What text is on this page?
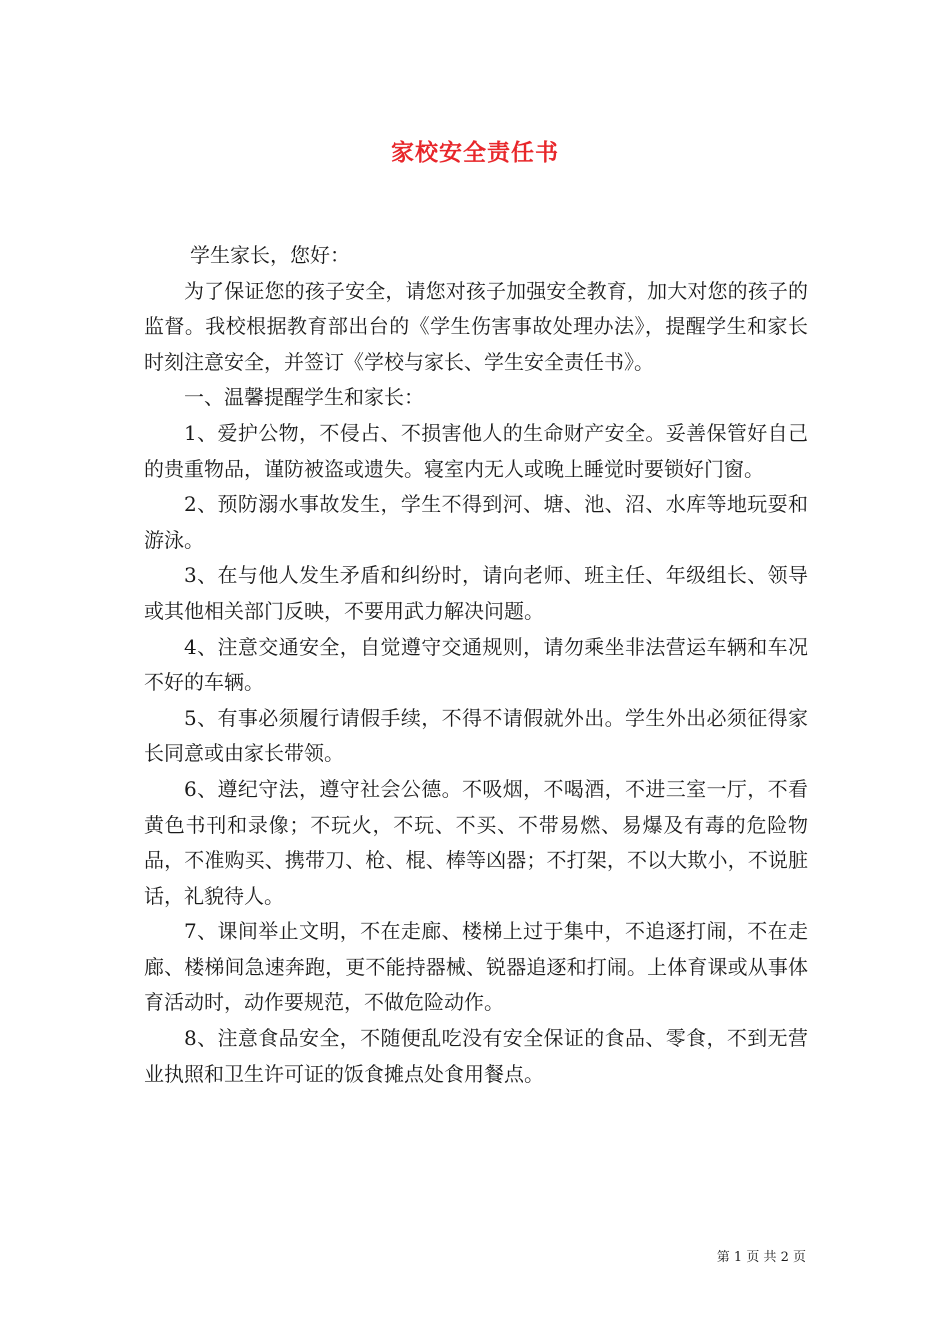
家校安全责任书

学生家长，您好：

为了保证您的孩子安全，请您对孩子加强安全教育，加大对您的孩子的监督。我校根据教育部出台的《学生伤害事故处理办法》，提醒学生和家长时刻注意安全，并签订《学校与家长、学生安全责任书》。

一、温馨提醒学生和家长：

1、爱护公物，不侵占、不损害他人的生命财产安全。妥善保管好自己的贵重物品，谨防被盗或遗失。寝室内无人或晚上睡觉时要锁好门窗。

2、预防溺水事故发生，学生不得到河、塘、池、沼、水库等地玩耍和游泳。

3、在与他人发生矛盾和纠纷时，请向老师、班主任、年级组长、领导或其他相关部门反映，不要用武力解决问题。

4、注意交通安全，自觉遵守交通规则，请勿乘坐非法营运车辆和车况不好的车辆。

5、有事必须履行请假手续，不得不请假就外出。学生外出必须征得家长同意或由家长带领。

6、遵纪守法，遵守社会公德。不吸烟，不喝酒，不进三室一厅，不看黄色书刊和录像；不玩火，不玩、不买、不带易燃、易爆及有毒的危险物品，不准购买、携带刀、枪、棍、棒等凶器；不打架，不以大欺小，不说脏话，礼貌待人。

7、课间举止文明，不在走廊、楼梯上过于集中，不追逐打闹，不在走廊、楼梯间急速奔跑，更不能持器械、锐器追逐和打闹。上体育课或从事体育活动时，动作要规范，不做危险动作。

8、注意食品安全，不随便乱吃没有安全保证的食品、零食，不到无营业执照和卫生许可证的饭食摊点处食用餐点。

第 1 页 共 2 页
